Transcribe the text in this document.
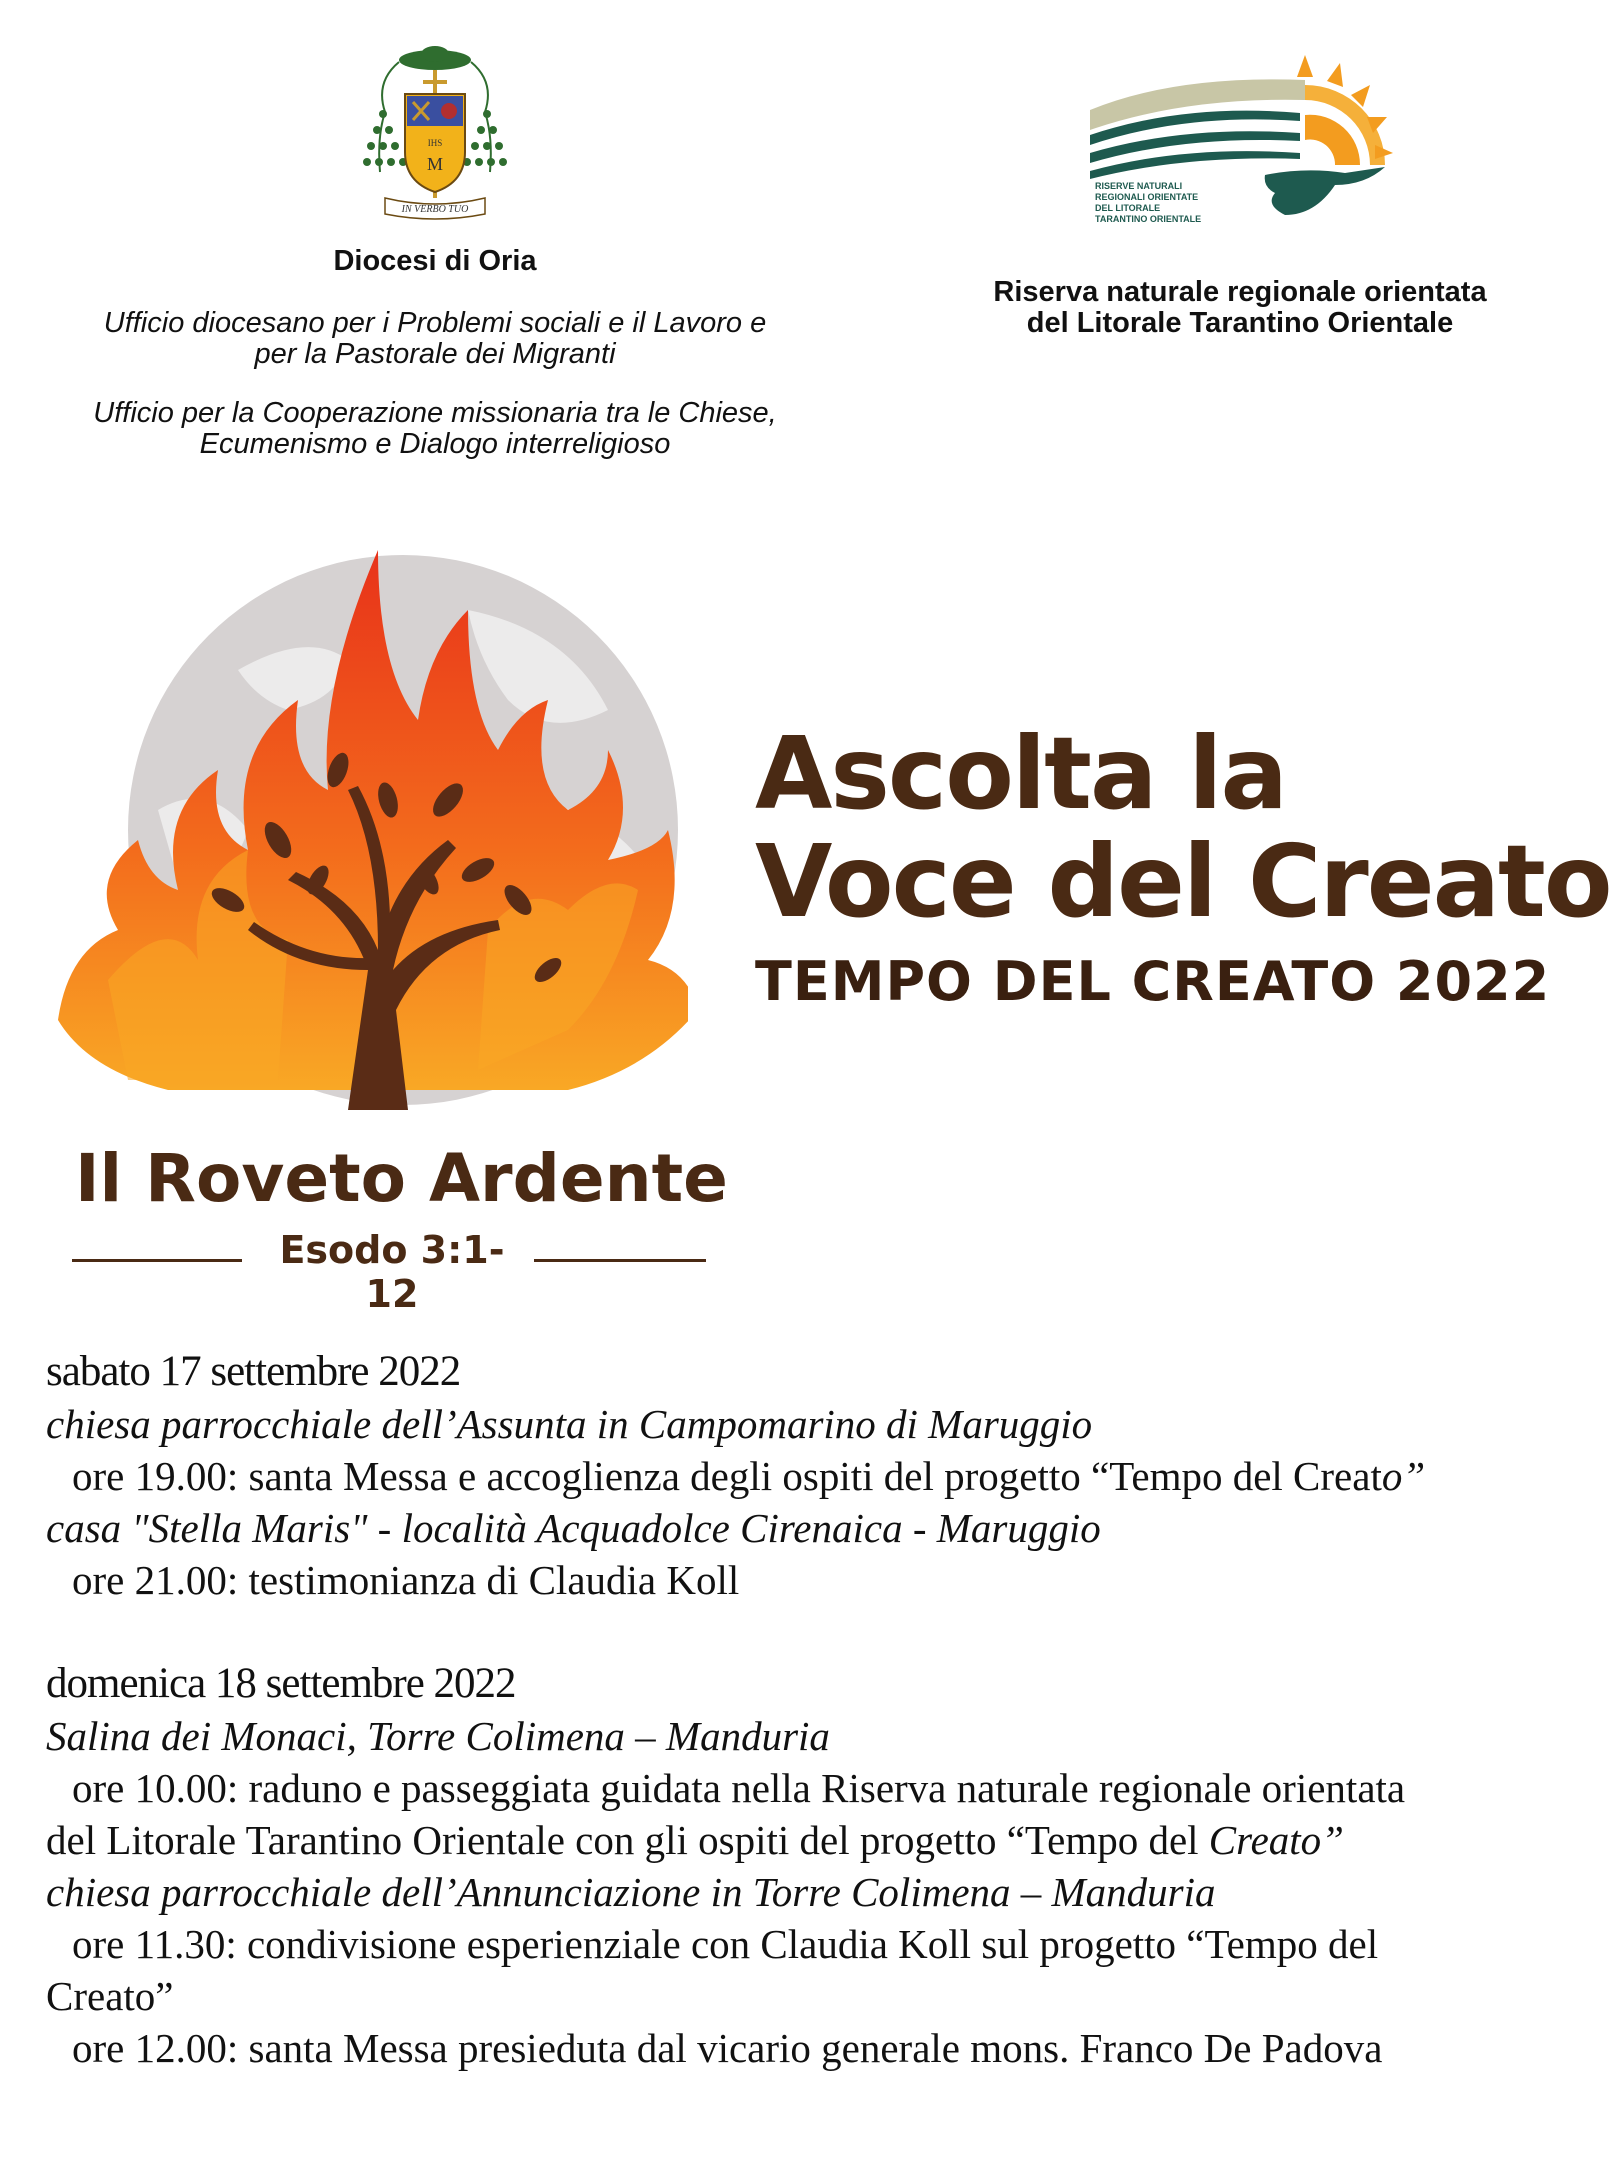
IHS
M
IN VERBO TUO
Diocesi di Oria
Ufficio diocesano per i Problemi sociali e il Lavoro e
per la Pastorale dei Migranti
Ufficio per la Cooperazione missionaria tra le Chiese,
Ecumenismo e Dialogo interreligioso
RISERVE NATURALI
REGIONALI ORIENTATE
DEL LITORALE
TARANTINO ORIENTALE
Riserva naturale regionale orientata
del Litorale Tarantino Orientale
Il Roveto Ardente
Esodo 3:1-12
Ascolta la
Voce del Creato
TEMPO DEL CREATO 2022
sabato 17 settembre 2022
chiesa parrocchiale dell’Assunta in Campomarino di Maruggio
ore 19.00: santa Messa e accoglienza degli ospiti del progetto “Tempo del Creato”
casa "Stella Maris" - località Acquadolce Cirenaica - Maruggio
ore 21.00: testimonianza di Claudia Koll
domenica 18 settembre 2022
Salina dei Monaci, Torre Colimena – Manduria
ore 10.00: raduno e passeggiata guidata nella Riserva naturale regionale orientata
del Litorale Tarantino Orientale con gli ospiti del progetto “Tempo del Creato”
chiesa parrocchiale dell’Annunciazione in Torre Colimena – Manduria
ore 11.30: condivisione esperienziale con Claudia Koll sul progetto “Tempo del
Creato”
ore 12.00: santa Messa presieduta dal vicario generale mons. Franco De Padova
